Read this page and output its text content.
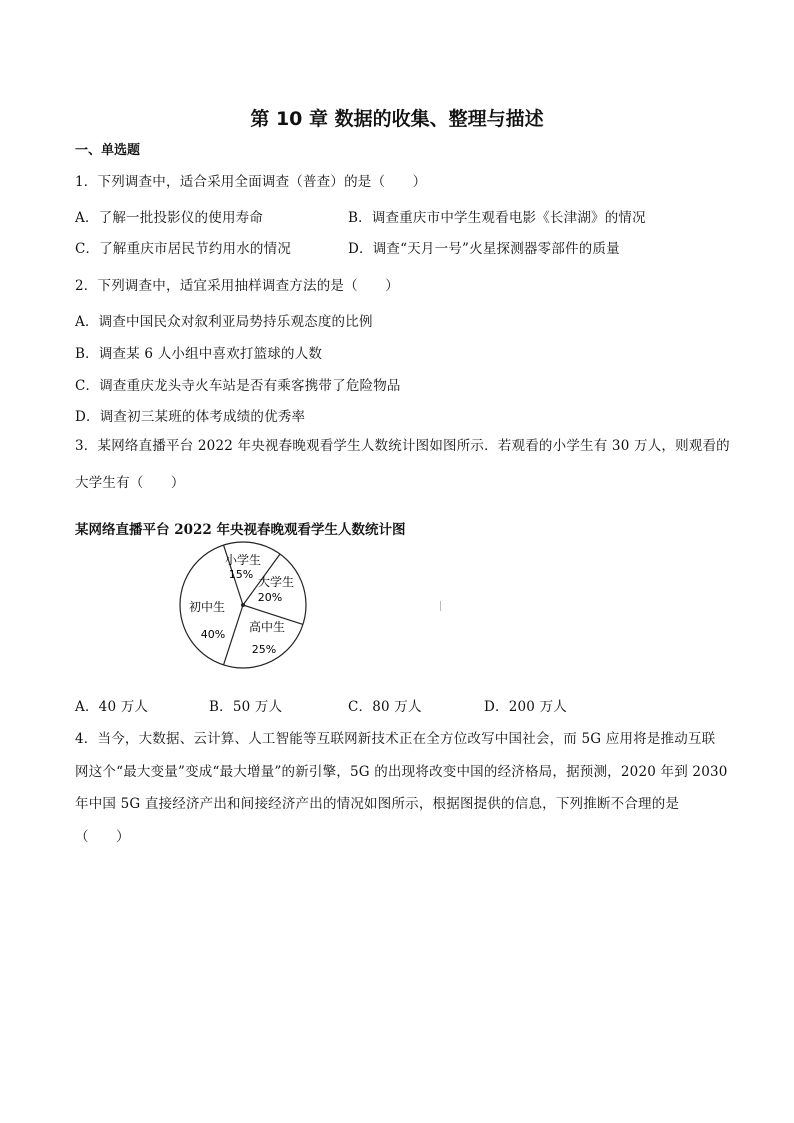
第 10 章 数据的收集、整理与描述
一、单选题
1．下列调查中，适合采用全面调查（普查）的是（　　）
A．了解一批投影仪的使用寿命	B．调查重庆市中学生观看电影《长津湖》的情况
C．了解重庆市居民节约用水的情况	D．调查“天月一号”火星探测器零部件的质量
2．下列调查中，适宜采用抽样调查方法的是（　　）
A．调查中国民众对叙利亚局势持乐观态度的比例
B．调查某 6 人小组中喜欢打篮球的人数
C．调查重庆龙头寺火车站是否有乘客携带了危险物品
D．调查初三某班的体考成绩的优秀率
3．某网络直播平台 2022 年央视春晚观看学生人数统计图如图所示．若观看的小学生有 30 万人，则观看的
大学生有（　　）
某网络直播平台 2022 年央视春晚观看学生人数统计图
小学生
15%
大学生
20%
高中生
25%
初中生
40%
A．40 万人	B．50 万人	C．80 万人	D．200 万人
4．当今，大数据、云计算、人工智能等互联网新技术正在全方位改写中国社会，而 5G 应用将是推动互联
网这个“最大变量”变成“最大增量”的新引擎，5G 的出现将改变中国的经济格局，据预测，2020 年到 2030
年中国 5G 直接经济产出和间接经济产出的情况如图所示，根据图提供的信息，下列推断不合理的是
（　　）
